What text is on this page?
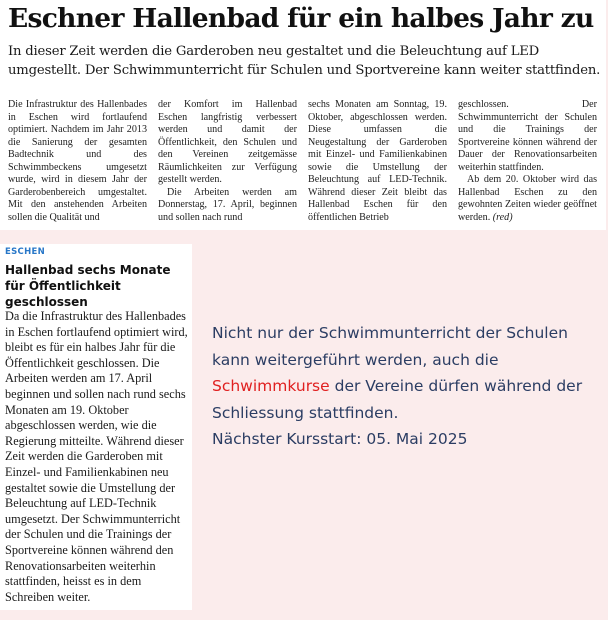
Eschner Hallenbad für ein halbes Jahr zu
In dieser Zeit werden die Garderoben neu gestaltet und die Beleuchtung auf LED umgestellt. Der Schwimmunterricht für Schulen und Sportvereine kann weiter stattfinden.

Die Infrastruktur des Hallenbades in Eschen wird fortlaufend optimiert. Nachdem im Jahr 2013 die Sanierung der gesamten Badtechnik und des Schwimmbeckens umgesetzt wurde, wird in diesem Jahr der Garderobenbereich umgestaltet. Mit den anstehenden Arbeiten sollen die Qualität und

der Komfort im Hallenbad Eschen langfristig verbessert werden und damit der Öffentlichkeit, den Schulen und den Vereinen zeitgemässe Räumlichkeiten zur Verfügung gestellt werden.

Die Arbeiten werden am Donnerstag, 17. April, beginnen und sollen nach rund

sechs Monaten am Sonntag, 19. Oktober, abgeschlossen werden. Diese umfassen die Neugestaltung der Garderoben mit Einzel- und Familienkabinen sowie die Umstellung der Beleuchtung auf LED-Technik. Während dieser Zeit bleibt das Hallenbad Eschen für den öffentlichen Betrieb

geschlossen. Der Schwimmunterricht der Schulen und die Trainings der Sportvereine können während der Dauer der Renovationsarbeiten weiterhin stattfinden.

Ab dem 20. Oktober wird das Hallenbad Eschen zu den gewohnten Zeiten wieder geöffnet werden. (red)

ESCHEN
Hallenbad sechs Monate für Öffentlichkeit geschlossen

Da die Infrastruktur des Hallenbades in Eschen fortlaufend optimiert wird, bleibt es für ein halbes Jahr für die Öffentlichkeit geschlossen. Die Arbeiten werden am 17. April beginnen und sollen nach rund sechs Monaten am 19. Oktober abgeschlossen werden, wie die Regierung mitteilte. Während dieser Zeit werden die Garderoben mit Einzel- und Familienkabinen neu gestaltet sowie die Umstellung der Beleuchtung auf LED-Technik umgesetzt. Der Schwimmunterricht der Schulen und die Trainings der Sportvereine können während den Renovationsarbeiten weiterhin stattfinden, heisst es in dem Schreiben weiter.

Nicht nur der Schwimmunterricht der Schulen kann weitergeführt werden, auch die Schwimmkurse der Vereine dürfen während der Schliessung stattfinden.
Nächster Kursstart: 05. Mai 2025
